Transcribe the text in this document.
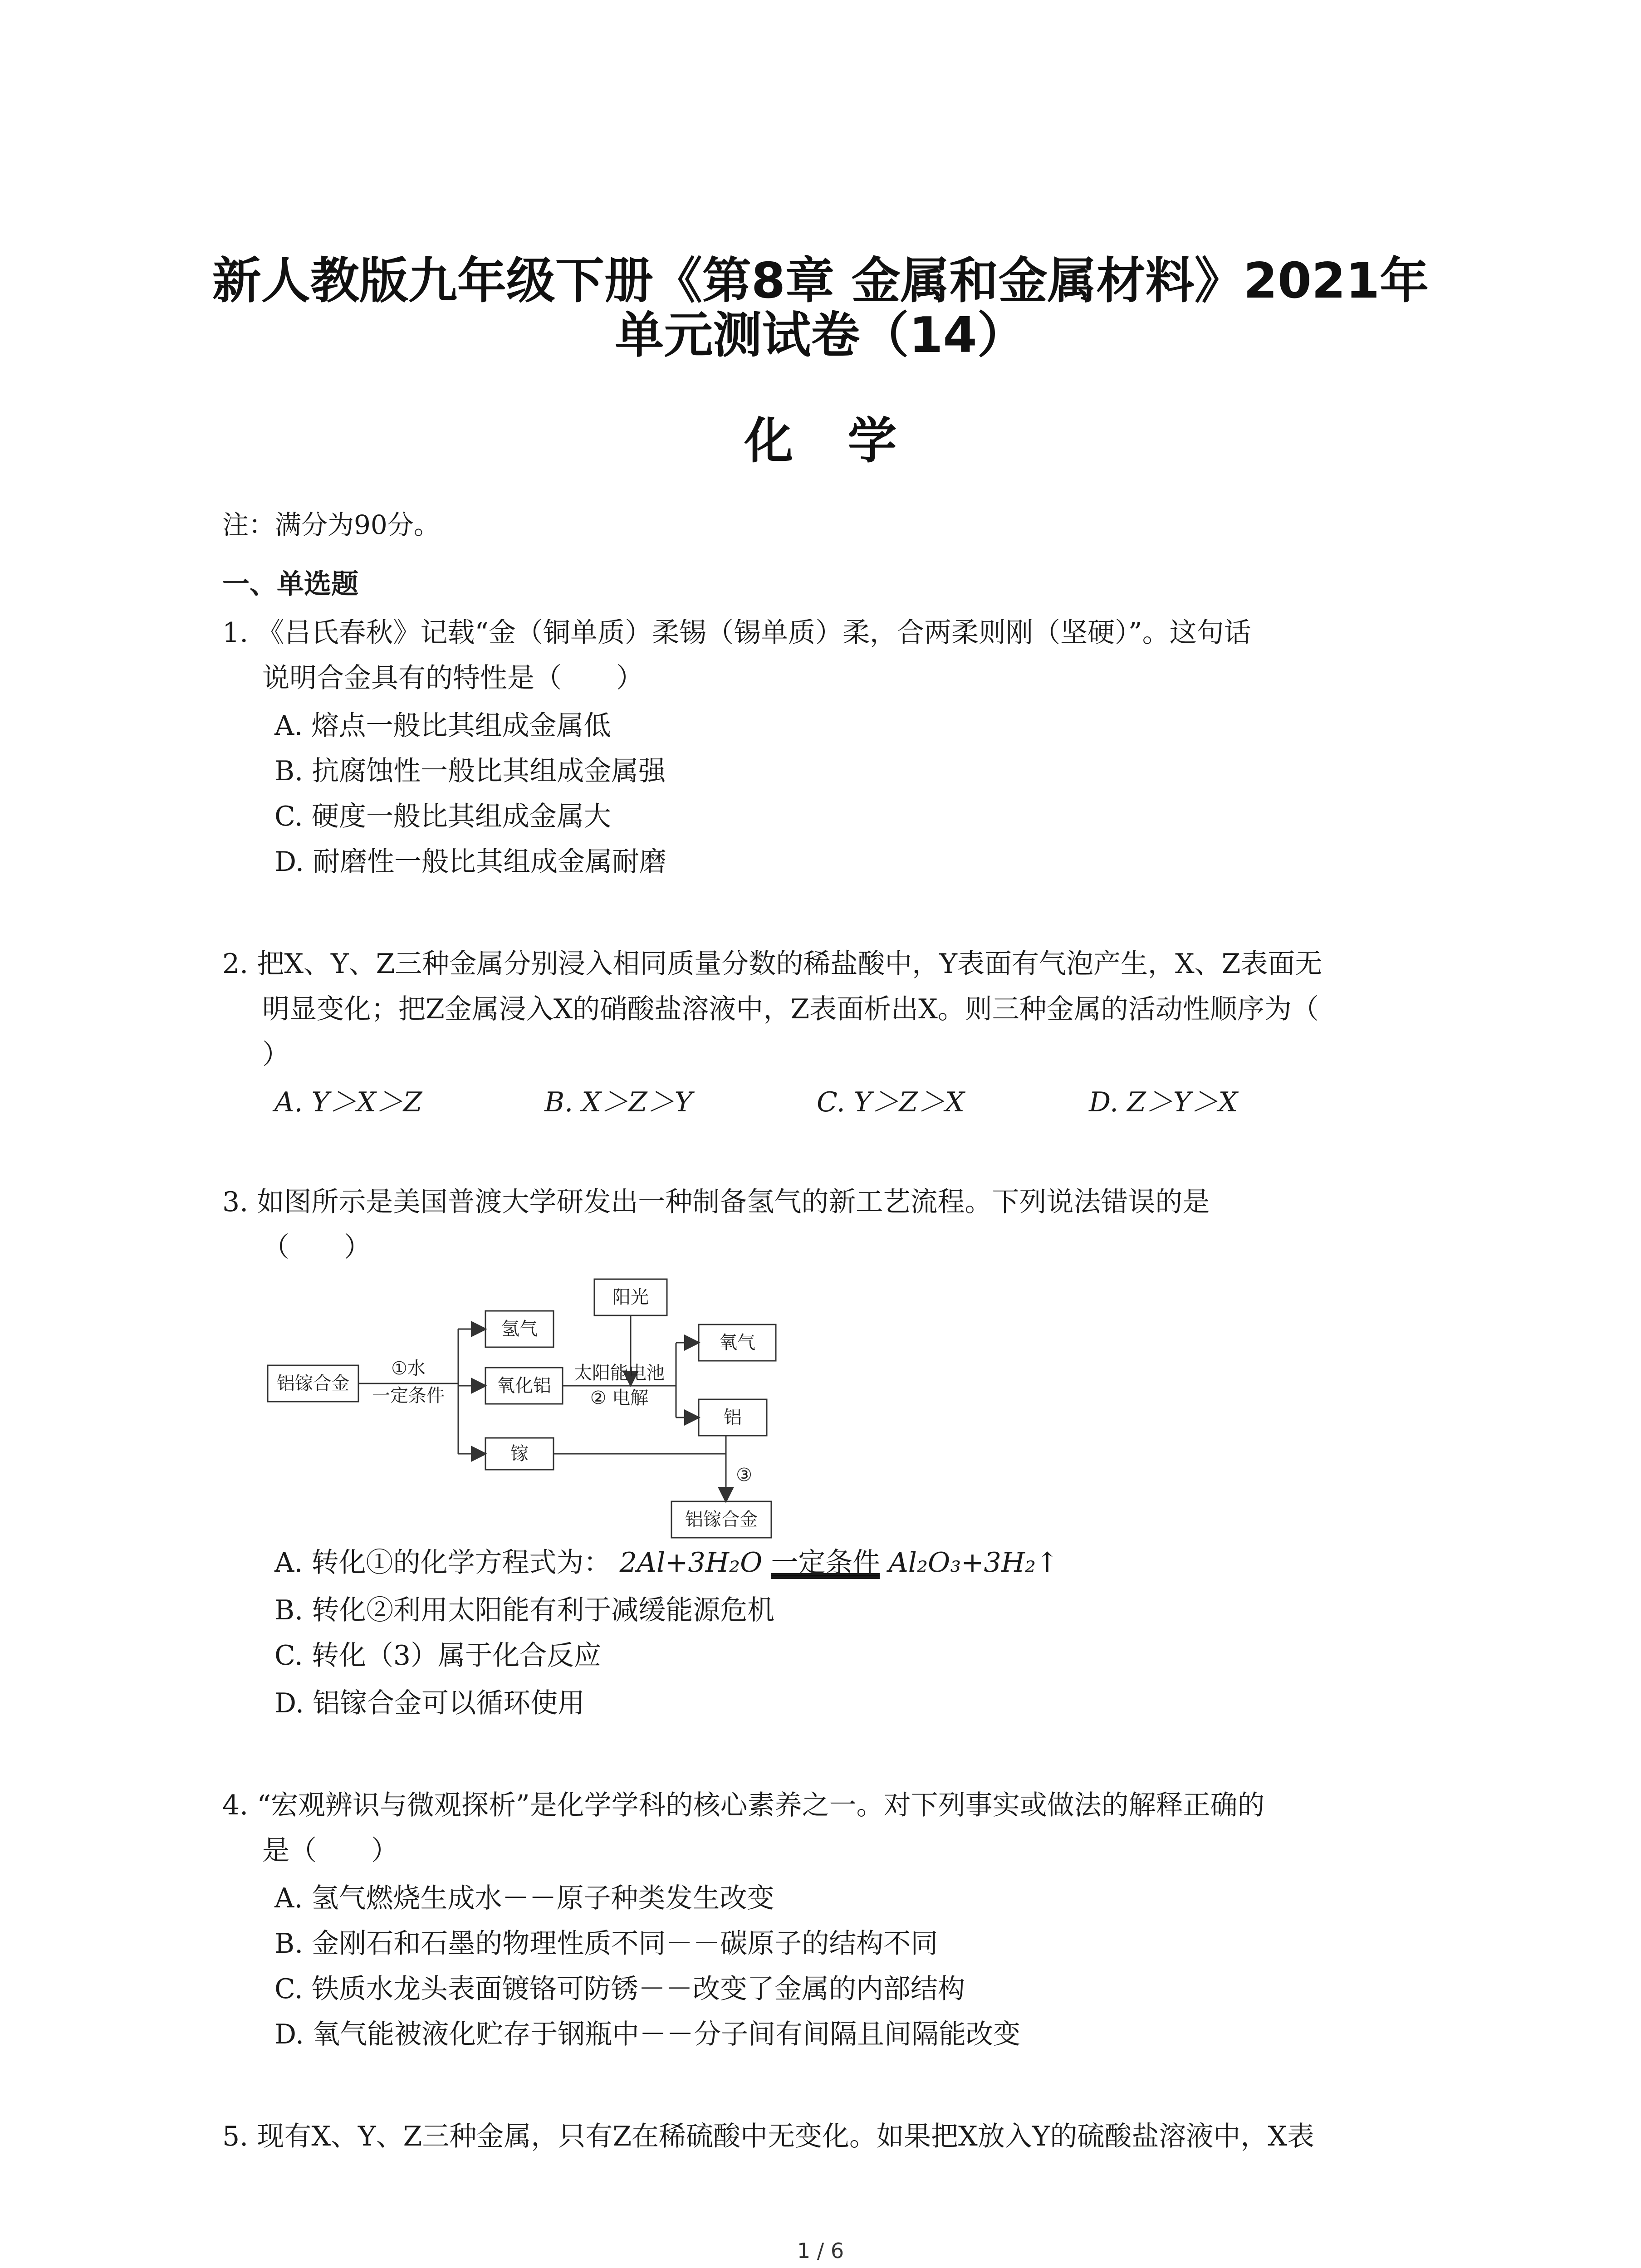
新人教版九年级下册《第8章 金属和金属材料》2021年
单元测试卷（14）
化学
注：满分为90分。
一、单选题
1. 《吕氏春秋》记载“金（铜单质）柔锡（锡单质）柔，合两柔则刚（坚硬）”。这句话
说明合金具有的特性是（　　）
A. 熔点一般比其组成金属低
B. 抗腐蚀性一般比其组成金属强
C. 硬度一般比其组成金属大
D. 耐磨性一般比其组成金属耐磨
2. 把X、Y、Z三种金属分别浸入相同质量分数的稀盐酸中，Y表面有气泡产生，X、Z表面无
明显变化；把Z金属浸入X的硝酸盐溶液中，Z表面析出X。则三种金属的活动性顺序为（
）
A. Y＞X＞Z	B. X＞Z＞Y	C. Y＞Z＞X	D. Z＞Y＞X
3. 如图所示是美国普渡大学研发出一种制备氢气的新工艺流程。下列说法错误的是
（　　）
铝镓合金
①水
一定条件
氢气
氧化铝
镓
阳光
太阳能电池
② 电解
氧气
铝
③
铝镓合金
A. 转化①的化学方程式为： 2Al+3H₂O 一定条件 Al₂O₃+3H₂↑
B. 转化②利用太阳能有利于减缓能源危机
C. 转化（3）属于化合反应
D. 铝镓合金可以循环使用
4. “宏观辨识与微观探析”是化学学科的核心素养之一。对下列事实或做法的解释正确的
是（　　）
A. 氢气燃烧生成水－－原子种类发生改变
B. 金刚石和石墨的物理性质不同－－碳原子的结构不同
C. 铁质水龙头表面镀铬可防锈－－改变了金属的内部结构
D. 氧气能被液化贮存于钢瓶中－－分子间有间隔且间隔能改变
5. 现有X、Y、Z三种金属，只有Z在稀硫酸中无变化。如果把X放入Y的硫酸盐溶液中，X表
1 / 6
